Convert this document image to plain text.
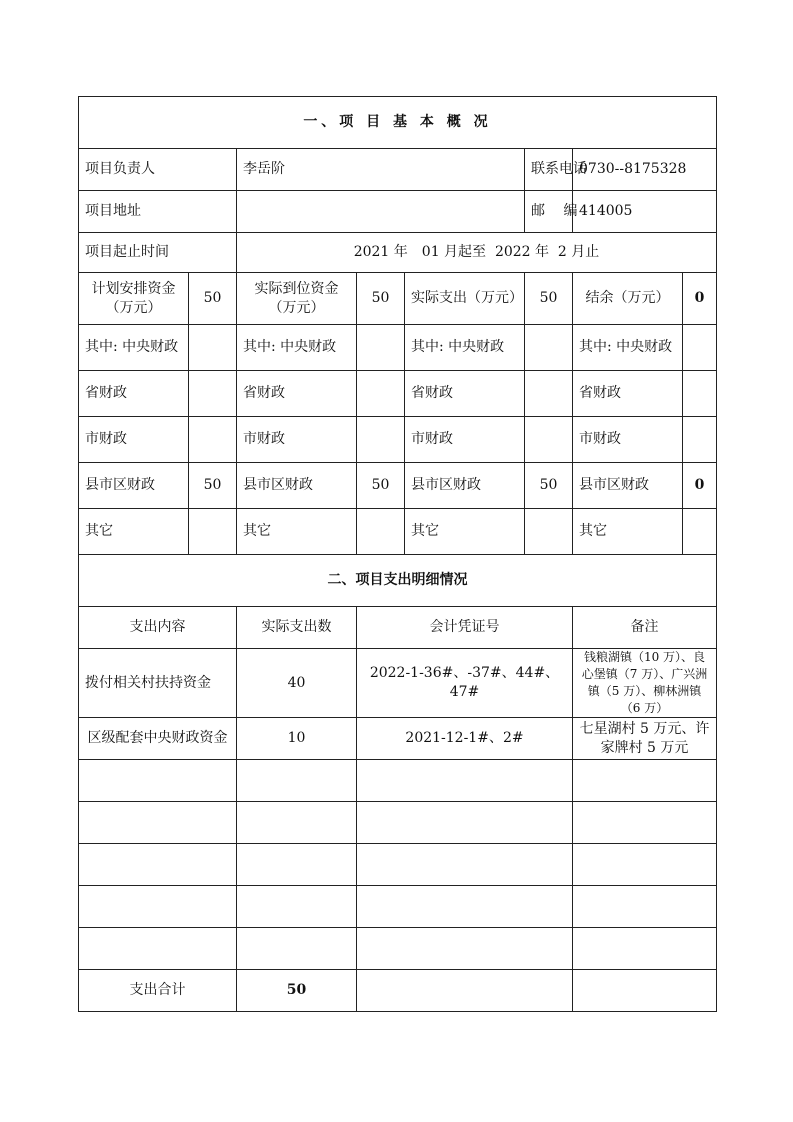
一、项 目 基 本 概 况							
项目负责人		李岳阶			联系电话	0730--8175328	
项目地址					邮　 编	414005	
项目起止时间		2021 年　01 月起至  2022 年  2 月止					
计划安排资金（万元）	50	实际到位资金（万元）	50	实际支出（万元）	50	结余（万元）	0
其中: 中央财政		其中: 中央财政		其中: 中央财政		其中: 中央财政	
省财政		省财政		省财政		省财政	
市财政		市财政		市财政		市财政	
县市区财政	50	县市区财政	50	县市区财政	50	县市区财政	0
其它		其它		其它		其它	
二、项目支出明细情况							
支出内容		实际支出数	会计凭证号			备注	
拨付相关村扶持资金		40	2022-1-36#、-37#、44#、47#			钱粮湖镇（10 万）、良心堡镇（7 万）、广兴洲镇（5 万）、柳林洲镇（6 万）	
区级配套中央财政资金		10	2021-12-1#、2#			七星湖村 5 万元、许家牌村 5 万元	

支出合计		50					
